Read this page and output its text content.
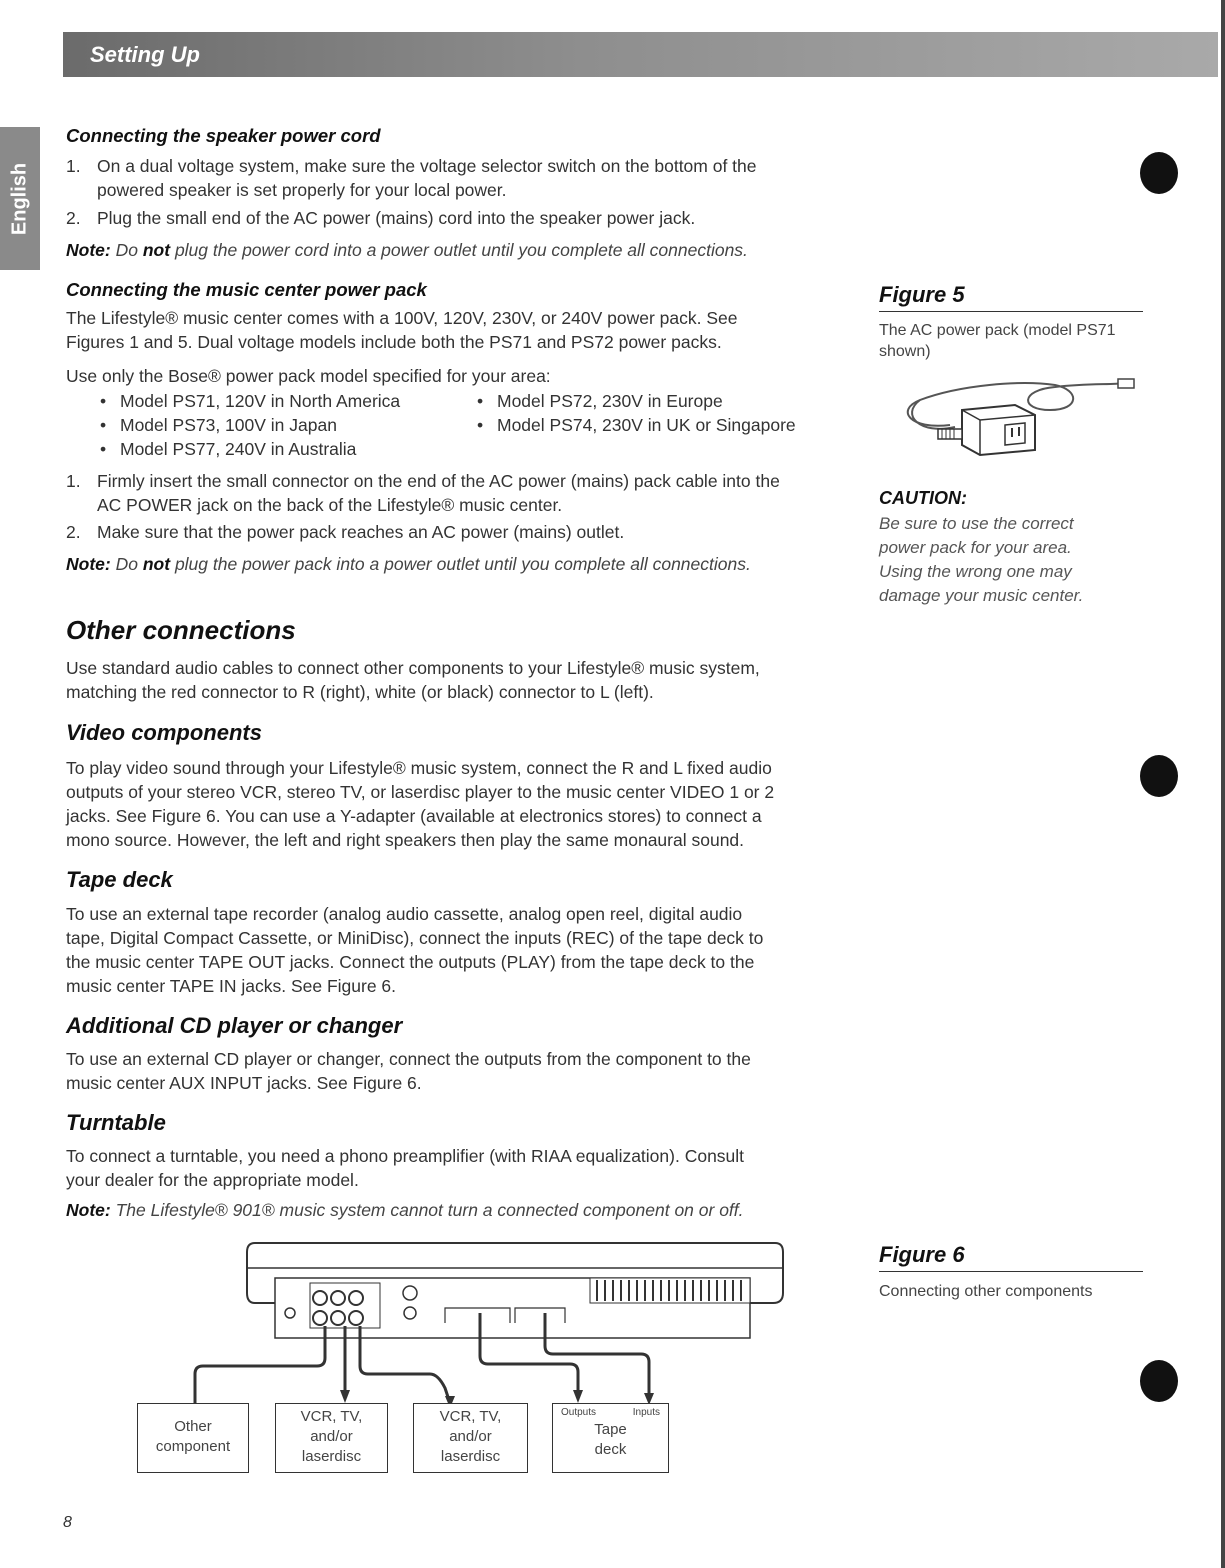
Setting Up
English
Connecting the speaker power cord
1. On a dual voltage system, make sure the voltage selector switch on the bottom of the
powered speaker is set properly for your local power.
2. Plug the small end of the AC power (mains) cord into the speaker power jack.
Note: Do not plug the power cord into a power outlet until you complete all connections.
Connecting the music center power pack
The Lifestyle® music center comes with a 100V, 120V, 230V, or 240V power pack. See
Figures 1 and 5. Dual voltage models include both the PS71 and PS72 power packs.
Use only the Bose® power pack model specified for your area:
• Model PS71, 120V in North America
• Model PS73, 100V in Japan
• Model PS77, 240V in Australia
• Model PS72, 230V in Europe
• Model PS74, 230V in UK or Singapore
1. Firmly insert the small connector on the end of the AC power (mains) pack cable into the
AC POWER jack on the back of the Lifestyle® music center.
2. Make sure that the power pack reaches an AC power (mains) outlet.
Note: Do not plug the power pack into a power outlet until you complete all connections.
Other connections
Use standard audio cables to connect other components to your Lifestyle® music system,
matching the red connector to R (right), white (or black) connector to L (left).
Video components
To play video sound through your Lifestyle® music system, connect the R and L fixed audio
outputs of your stereo VCR, stereo TV, or laserdisc player to the music center VIDEO 1 or 2
jacks. See Figure 6. You can use a Y-adapter (available at electronics stores) to connect a
mono source. However, the left and right speakers then play the same monaural sound.
Tape deck
To use an external tape recorder (analog audio cassette, analog open reel, digital audio
tape, Digital Compact Cassette, or MiniDisc), connect the inputs (REC) of the tape deck to
the music center TAPE OUT jacks. Connect the outputs (PLAY) from the tape deck to the
music center TAPE IN jacks. See Figure 6.
Additional CD player or changer
To use an external CD player or changer, connect the outputs from the component to the
music center AUX INPUT jacks. See Figure 6.
Turntable
To connect a turntable, you need a phono preamplifier (with RIAA equalization). Consult
your dealer for the appropriate model.
Note: The Lifestyle® 901® music system cannot turn a connected component on or off.
Figure 5
The AC power pack (model PS71 shown)
CAUTION:
Be sure to use the correct
power pack for your area.
Using the wrong one may
damage your music center.
Figure 6
Connecting other components
Other
component
VCR, TV,
and/or
laserdisc
VCR, TV,
and/or
laserdisc
Outputs	Inputs
Tape
deck
8
